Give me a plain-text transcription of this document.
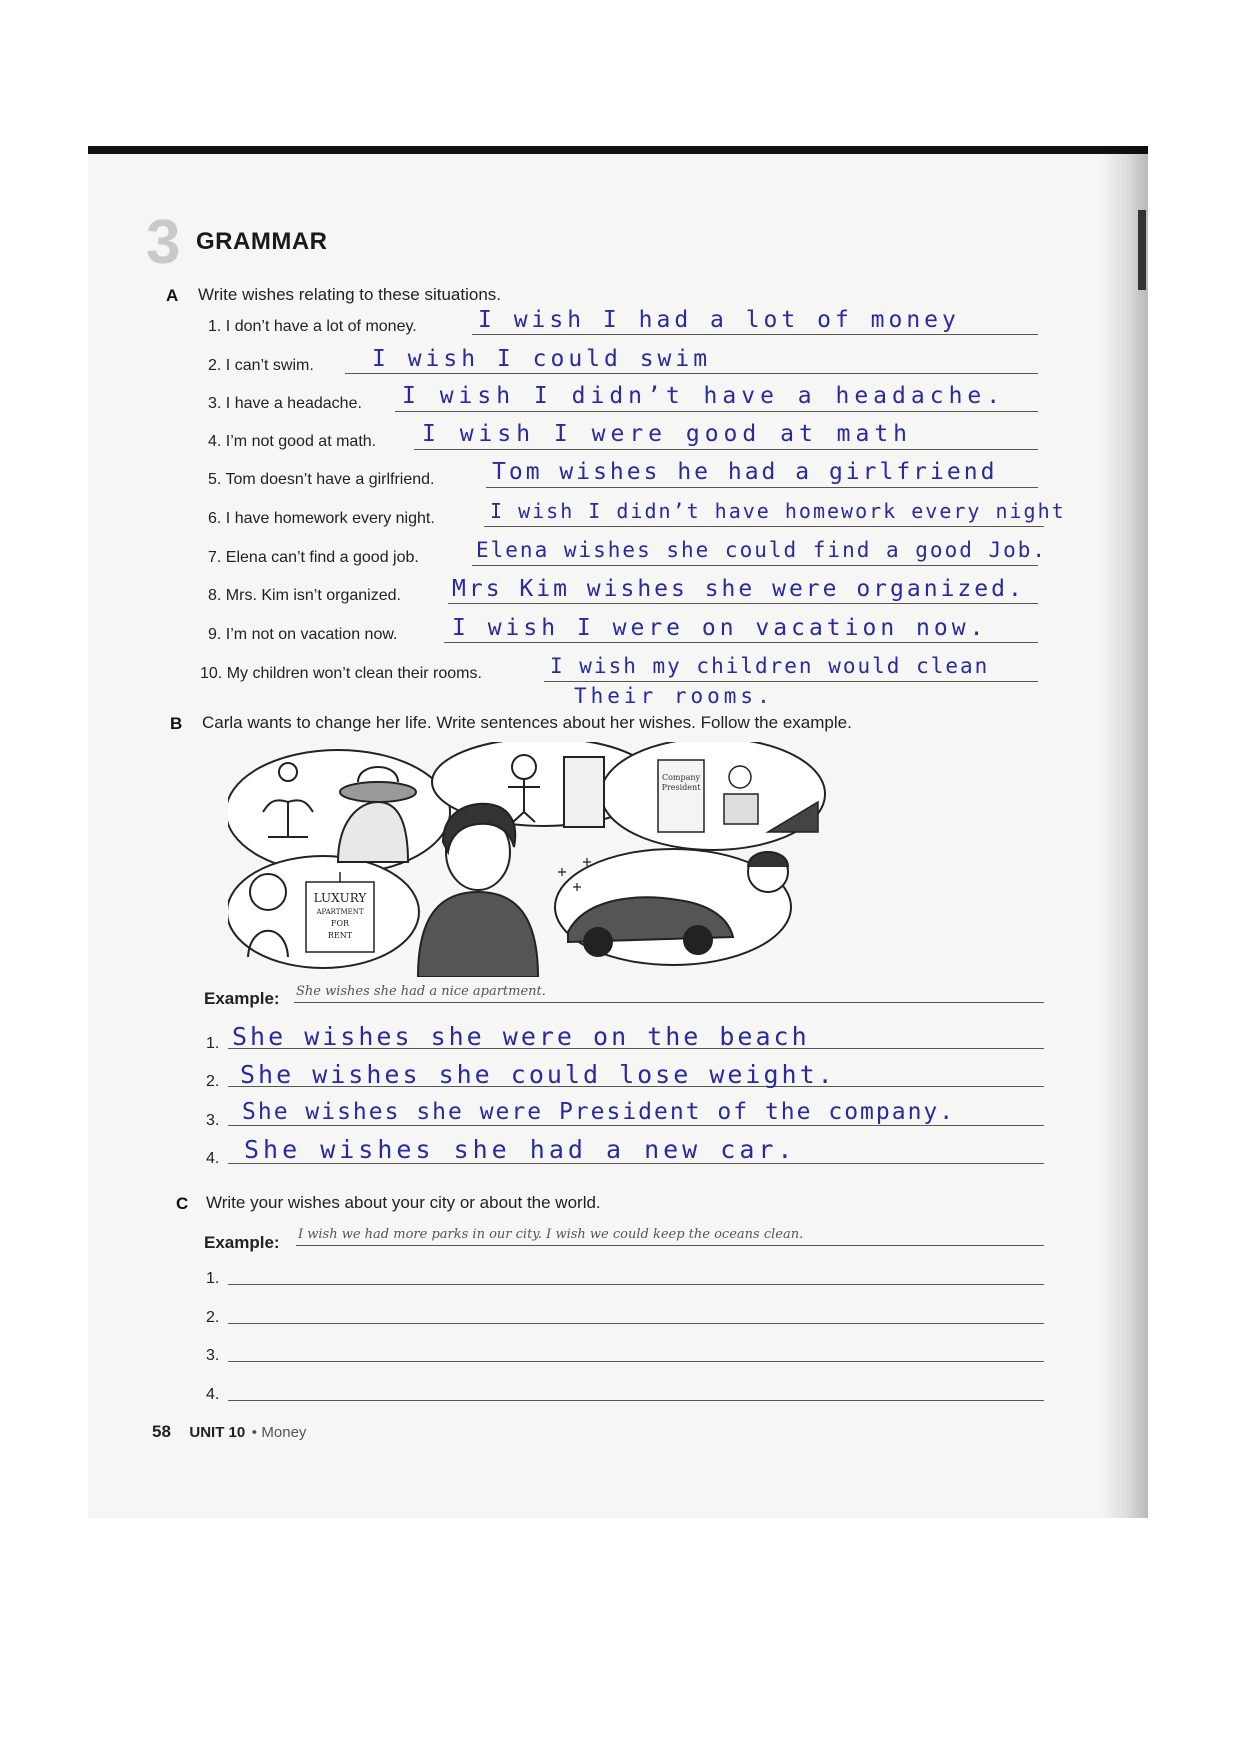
3 GRAMMAR
A Write wishes relating to these situations.
1. I don’t have a lot of money.	I wish I had a lot of money
2. I can’t swim.	I wish I could swim
3. I have a headache. I wish I didn’t have a headache.
4. I’m not good at math. I wish I were good at math
5. Tom doesn’t have a girlfriend.	Tom wishes he had a girlfriend
6. I have homework every night.	I wish I didn’t have homework every night
7. Elena can’t find a good job.	Elena wishes she could find a good Job.
8. Mrs. Kim isn’t organized. Mrs Kim wishes she were organized.
9. I’m not on vacation now. I wish I were on vacation now.
10. My children won’t clean their rooms.	I wish my children would clean
Their rooms.
B Carla wants to change her life. Write sentences about her wishes. Follow the example.
Company
President
LUXURY
APARTMENT
FOR
RENT
Example: She wishes she had a nice apartment.
1. She wishes she were on the beach
2. She wishes she could lose weight.
3. She wishes she were President of the company.
4. She wishes she had a new car.
C Write your wishes about your city or about the world.
Example: I wish we had more parks in our city. I wish we could keep the oceans clean.
1.
2.
3.
4.
58 UNIT 10 • Money
